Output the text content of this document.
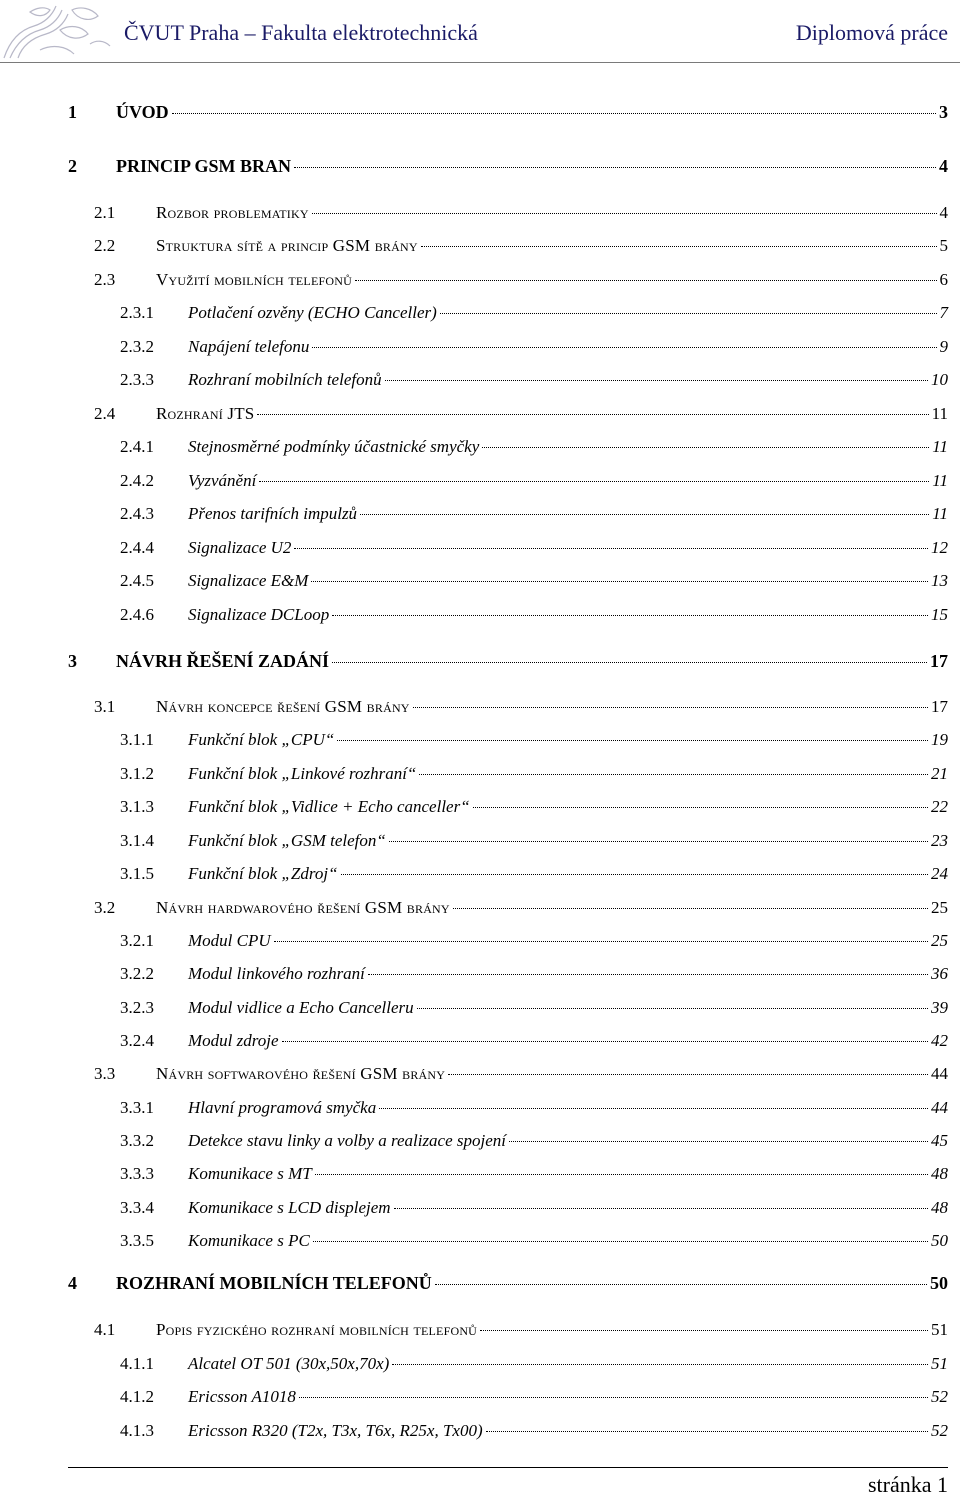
ČVUT Praha – Fakulta elektrotechnická	Diplomová práce
1	ÚVOD	3
2	PRINCIP GSM BRAN	4
2.1	Rozbor problematiky	4
2.2	Struktura sítě a princip GSM brány	5
2.3	Využití mobilních telefonů	6
2.3.1	Potlačení ozvěny (ECHO Canceller)	7
2.3.2	Napájení telefonu	9
2.3.3	Rozhraní mobilních telefonů	10
2.4	Rozhraní JTS	11
2.4.1	Stejnosměrné podmínky účastnické smyčky	11
2.4.2	Vyzvánění	11
2.4.3	Přenos tarifních impulzů	11
2.4.4	Signalizace U2	12
2.4.5	Signalizace E&M	13
2.4.6	Signalizace DCLoop	15
3	NÁVRH ŘEŠENÍ ZADÁNÍ	17
3.1	Návrh koncepce řešení GSM brány	17
3.1.1	Funkční blok „CPU“	19
3.1.2	Funkční blok „Linkové rozhraní“	21
3.1.3	Funkční blok „Vidlice + Echo canceller“	22
3.1.4	Funkční blok „GSM telefon“	23
3.1.5	Funkční blok „Zdroj“	24
3.2	Návrh hardwarového řešení GSM brány	25
3.2.1	Modul CPU	25
3.2.2	Modul linkového rozhraní	36
3.2.3	Modul vidlice a Echo Cancelleru	39
3.2.4	Modul zdroje	42
3.3	Návrh softwarového řešení GSM brány	44
3.3.1	Hlavní programová smyčka	44
3.3.2	Detekce stavu linky a volby a realizace spojení	45
3.3.3	Komunikace s MT	48
3.3.4	Komunikace s LCD displejem	48
3.3.5	Komunikace s PC	50
4	ROZHRANÍ MOBILNÍCH TELEFONŮ	50
4.1	Popis fyzického rozhraní mobilních telefonů	51
4.1.1	Alcatel OT 501 (30x,50x,70x)	51
4.1.2	Ericsson A1018	52
4.1.3	Ericsson R320 (T2x, T3x, T6x, R25x, Tx00)	52
stránka 1
